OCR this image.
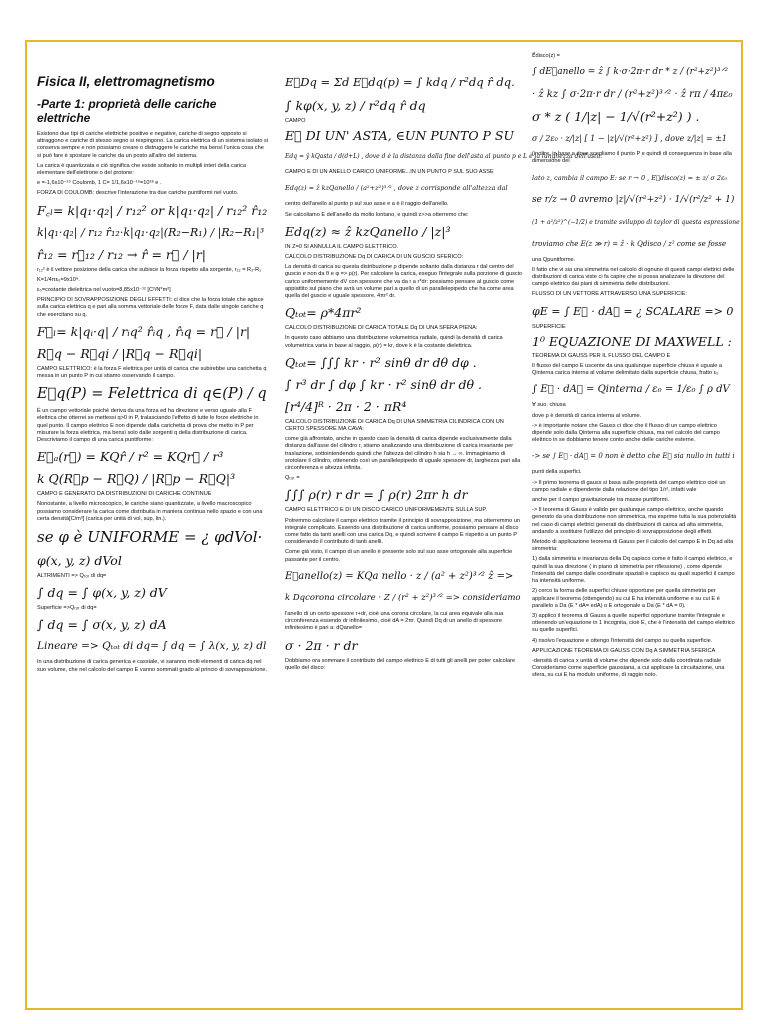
Fisica II, elettromagnetismo
-Parte 1: proprietà delle cariche elettriche

Esistono due tipi di cariche elettriche positive e negative, cariche di segno opposto si attraggono e cariche di stesso segno si respingono. La carica elettrica di un sistema isolato si conserva sempre e non possiamo creare o distruggere le cariche ma bensì l'unica cosa che si può fare è spostare le cariche da un posto all'altro del sistema.

La carica è quantizzata e ciò significa che esiste soltanto in multipli interi della carica elementare dell'elettrone o del protone:

e =-1,6x10⁻¹⁹ Coulomb, 1 C= 1/1,6x10⁻¹⁹=10¹⁸ e .

FORZA DI COULOMB: descrive l'interazione tra due cariche puntiformi nel vuoto.

F꜀ₗ= k|q₁·q₂| / r₁₂² or k|q₁·q₂| / r₁₂² r̂₁₂
k|q₁·q₂| / r₁₂ r̂₁₂·k|q₁·q₂|(R₂−R₁) / |R₂−R₁|³
r̂₁₂ = r⃗₁₂ / r₁₂ → r̂ = r⃗ / |r|

r₁₂² è il vettore posizione della carica che subisce la forza rispetto alla sorgente, r₁₂ = R₂-R₁

K=1/4πε₀=9x10⁹.

ε₀=costante dielettrica nel vuoto=8,85x10⁻¹² [C²/N*m²]

PRINCIPIO DI SOVRAPPOSIZIONE DEGLI EFFETTI: ci dice che la forza totale che agisce sulla carica elettrica q e pari alla somma vettoriale delle forze F, data dalle singole cariche q che esercitano su q.

F꜀ₗ= k|qᵢ·q| / rᵢq² r̂ᵢq , r̂ᵢq = r⃗ / |r|
R⃗q − R⃗qi / |R⃗q − R⃗qi|

CAMPO ELETTRICO: è la forza F elettrica per unità di carica che subirebbe una carichetta q messa in un punto P in cui stiamo osservando il campo.

E⃗q(P) = Felettrica di q∈(P) / q

È un campo vettoriale poiché deriva da una forza ed ha direzione e verso uguale alla F elettrica che otterrei se mettessi q>0 in P, tralasciando l'effetto di tutte le forze elettriche in quel punto. Il campo elettrico E non dipende dalla carichetta di prova che metto in P per misurare la forza elettrica, ma bensì solo dalle sorgenti q della distribuzione di carica. Descriviamo il campo di una carica puntiforme:

E⃗ₐ(r⃗) = KQr̂ / r² = KQr⃗ / r³
k Q(R⃗p − R⃗Q) / |R⃗p − R⃗Q|³

CAMPO E GENERATO DA DISTRIBUZIONI DI CARICHE CONTINUE

Nonostante, a livello microscopico, le cariche siano quantizzate, a livello macroscopico possiamo considerare la carica come distribuita in maniera continua nello spazio e con una certa densità[C/m³] (carica per unità di vol, sup, lin.).

se φ è UNIFORME = ¿ φdVol·
φ(x, y, z) dVol

ALTRIMENTI => Qₜₒₜ di dq=

∫ dq = ∫ φ(x, y, z) dV

Superficie =>Qₜₒₜ di dq=

∫ dq = ∫ σ(x, y, z) dA
Lineare => Qₜₒₜ di dq= ∫ dq = ∫ λ(x, y, z) dl

In una distribuzione di carica generica e cassiale, vi saranno molti elementi di carica dq nel suo volume, che nel calcolo del campo E vanno sommati grado al princio di sovrapposizione.

E⃗Dq = Σd E⃗dq(p) = ∫ kdq / r²dq r̂ dq.
∫ kφ(x, y, z) / r²dq r̂ dq

CAMPO

E⃗ DI UN' ASTA, ∈UN PUNTO P SU
Edq = ŷ kQasta / d(d+L) , dove d è la distanza dalla fine dell'asta al punto p e L è la lunghezza dell'asta.

CAMPO E DI UN ANELLO CARICO UNIFORME...IN UN PUNTO P SUL SUO ASSE

Edq(z) = ẑ kzQanello / (a²+z²)³ᐟ² , dove z corrisponde all'altezza dal

centro dell'anello al punto p sul suo asse e a è il raggio dell'anello.

Se calcoliamo E dell'anello da molto lontano, e quindi z>>a otterremo che:

Edq(z) ≈ ẑ kzQanello / |z|³

IN Z=0 SI ANNULLA IL CAMPO ELETTRICO.

CALCOLO DISTRIBUZIONE Dq DI CARICA DI UN GUSCIO SFERICO:

La densità di carica su questa distribuzione ρ dipende soltanto dalla distanza r dal centro del guscio e non da θ e φ => ρ(r). Per calcolare la carica, eseguo l'integrale sulla porzione di guscio carico uniformemente dV con spessore che va da r a r*dr: possiamo pensare al guscio come appiattito sul piano che avrà un volume pari a quello di un parallelepipedo che ha come area quella del guscio e uguale spessore, 4πr² dr.

Qₜₒₜ= ρ*4πr²

CALCOLO DISTRIBUZIONE DI CARICA TOTALE Dq DI UNA SFERA PIENA:

In questo caso abbiamo una distribuzione volumetrica radiale, quindi la densità di carica volumetrica varia in base al raggio, ρ(r) = kr, dove k è la costante dielettrica.

Qₜₒₜ= ∫∫∫ kr · r² sinθ dr dθ dφ .
∫ r³ dr ∫ dφ ∫ kr · r² sinθ dr dθ .
[r⁴/4]ᴿ · 2π · 2 · πR⁴

CALCOLO DISTRIBUZIONE DI CARICA Dq DI UNA SIMMETRIA CILINDRICA CON UN CERTO SPESSORE MA CAVA:

come già affrontato, anche in questo caso la densità di carica dipende esclusivamente dalla distanza dall'asse del cilindro r, stiamo analizzando una distribuzione di carica invariante per traslazione, sottointendendo quindi che l'altezza del cilindro h sia h → ∞. Immaginiamo di srotolare il cilindro, ottenendo così un parallelepipedo di uguale spessore dr, larghezza pari alla circonferenza e altezza infinita.

Qₜₒₜ =

∫∫∫ ρ(r) r dr = ∫ ρ(r) 2πr h dr

CAMPO ELETTRICO E DI UN DISCO CARICO UNIFORMEMENTE SULLA SUP.

Potremmo calcolare il campo elettrico tramite il principio di sovrapposizione, ma otterremmo un integrale complicato. Essendo una distribuzione di carica uniforme, possiamo pensare al disco come fatto da tanti anelli con una carica Dq, e quindi scrivere il campo E rispetto a un punto P considerando il contributo di tanti anelli.

Come già visto, il campo di un anello è presente solo sul suo asse ortogonale alla superficie passante per il centro.

E⃗anello(z) = KQa nello · z / (a² + z²)³ᐟ² ẑ =>
k Dqcorona circolare · Z / (r² + z²)³ᐟ² => consideriamo

l'anello di un certo spessore r+dr, cioè una corona circolare, la cui area equivale alla sua circonferenza essendo dr infinitesimo, cioè dA = 2πr. Quindi Dq di un anello di spessore infinitesimo è pari a: dQanello=

σ · 2π · r dr

Dobbiamo ora sommare il contributo del campo elettrico E di tutti gli anelli per poter calcolare quello del disco:

E⃗disco(z) =

∫ dE⃗anello = ẑ ∫ k·σ·2π·r dr * z / (r²+z²)³ᐟ²
· ẑ kz ∫ σ·2π·r dr / (r²+z²)³ᐟ² · ẑ rπ / 4πε₀
σ * z ( 1/|z| − 1/√(r²+z²) ) .
σ / 2ε₀ · z/|z| [ 1 − |z|/√(r²+z²) ] , dove z/|z| = ±1

(inoltre, in base a dove scegliamo il punto P e quindi di conseguenza in base alla dimensione del

lato z, cambia il campo E: se r → 0 , E⃗disco(z) = ± z/ σ 2ε₀
se r/z → 0 avremo |z|/√(r²+z²) · 1/√(r²/z² + 1)
(1 + a²/z²)^(−1/2) e tramite sviluppo di taylor di questa espressione
troviamo che E(z ≫ r) = ẑ · k Qdisco / z² come se fosse

una Qpuntiforme.

Il fatto che vi sia una simmetria nel calcolo di ognuno di questi campi elettrici delle distribuzioni di carica viste ci fa capire che si possa analizzare la direzione del campo elettrico dai piani di simmetria delle distribuzioni.

FLUSSO DI UN VETTORE ATTRAVERSO UNA SUPERFICIE:

φE = ∫ E⃗ · dA⃗ = ¿ SCALARE => 0

SUPERFICIE

1⁰ EQUAZIONE DI MAXWELL :

TEOREMA DI GAUSS PER IL FLUSSO DEL CAMPO E

Il flusso del campo E uscente da una qualunque superficie chiusa è uguale a Qinterna carica interna al volume delimitato dalla superficie chiusa, fratto ε₀

∫ E⃗ · dA⃗ = Qinterna / ε₀ = 1/ε₀ ∫ ρ dV

∀ suo. chiusa

dove ρ è densità di carica interna al volume.

-> è importante notare che Gauss ci dice che il flusso di un campo elettrico dipende solo dalla Qinterna alla superficie chiusa, ma nel calcolo del campo elettrico in se dobbiamo tenere conto anche delle cariche esterne.

-> se ∫ E⃗ · dA⃗ = 0 non è detto che E⃗ sia nullo in tutti i

punti della superfici.

-> Il primo teorema di gauss si basa sulle proprietà del campo elettrico cioè un campo radiale e dipendente dalla relazione del tipo 1/r², infatti vale

anche per il campo gravitazionale tra masse puntiformi.

-> Il teorema di Gauss è valido per qualunque campo elettrico, anche quando generato da una distribuzione non simmetrica, ma esprime tutta la sua potenzialità nel caso di campi elettrici generati da distribuzioni di carica ad alta simmetria, andando a sostituire l'utilizzo del principio di sovrapposizione degli effetti.

Metodo di applicazione teorema di Gauss per il calcolo del campo E in Dq ad alta simmetria:

1) dalla simmetria e invarianza della Dq capisco come è fatto il campo elettrico, e quindi la sua direzione ( in piano di simmetria per riflessione) , come dipende l'intensità del campo dalle coordinate spaziali e capisco su quali superfici il campo ha intensità uniforme.

2) cerco la forma delle superfici chiuse opportune per quella simmetria per applicare il teorema (ottengendo) su cui E ha intensità uniforme e su cui E è parallelo a Da (E * dA= edA) o E ortogonale a Da (E * dA = 0).

3) applico il teorema di Gauss a quelle superfici opportune tramite l'integrale e ottenendo un'equazione in 1 incognita, cioè E, che è l'intensità del campo elettrico su quelle superfici.

4) risolvo l'equazione e ottengo l'intensità del campo su quella superficie.

APPLICAZIONE TEOREMA DI GAUSS CON Dq A SIMMETRIA SFERICA

-densità di carica x unità di volume che dipende solo dalla coordinata radiale Consideriamo come superficie gaussiana, a cui applicare la circuitazione, una sfera, su cui E ha modulo uniforme, di raggio noto.
